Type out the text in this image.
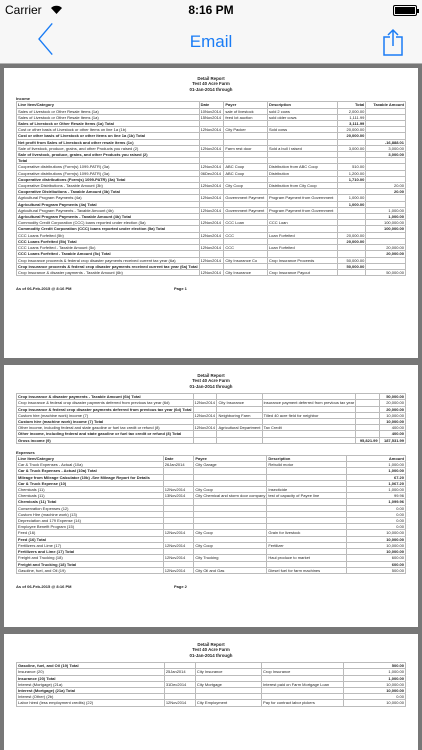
Carrier	8:16 PM
〈	Email
Detail Report
Test 40 Acre Farm
01-Jan-2014 through
Income
Line Item/Category	Date	Payer	Description	Total	Taxable Amount
Sales of Livestock or Other Resale Items (1a)	10Nov2014	sale of livestock	sold 2 cows	2,000.00	
Sales of Livestock or Other Resale Items (1a)	15Nov2014	feed lot auction	sold older cows	1,111.99	
Sales of Livestock or Other Resale Items (1a) Total				3,111.99	
Cost or other basis of Livestock or other Items on line 1a (1b)	12Nov2014	City Packer	Sold cows	20,000.00	
Cost or other basis of Livestock or other items on line 1a (1b) Total				20,000.00	
Net profit from Sales of Livestock and other resale items (1c)					-16,888.01
Sale of livestock, produce, grains, and other Products you raised (2)	12Nov2014	Farm rest door	Sold a bull I raised	3,000.00	3,000.00
Sale of livestock, produce, grains, and other Products you raised (2)					3,000.00
Total					
Cooperative distributions (Form(s) 1099-PATR) (3a)	12Nov2014	ABC Coop	Distribution from ABC Coop	510.00	
Cooperative distributions (Form(s) 1099-PATR) (3a)	06Dec2014	ABC Coop	Distribution	1,200.00	
Cooperative distributions (Form(s) 1099-PATR) (3a) Total				1,710.00	
Cooperative Distributions - Taxable Amount (3b)	12Nov2014	City Coop	Distribution from City Coop		20.00
Cooperative Distributions - Taxable Amount (3b) Total					20.00
Agricultural Program Payments (4a)	12Nov2014	Government Payment	Program Payment from Government	1,000.00	
Agricultural Program Payments (4a) Total				1,000.00	
Agricultural Program Payments - Taxable Amount (4b)	12Nov2014	Government Payment	Program Payment from Government		1,000.00
Agricultural Program Payments - Taxable Amount (4b) Total					1,000.00
Commodity Credit Corporation (CCC) loans reported under election (5a)	12Nov2014	CCC Loan	CCC Loan		100,000.00
Commodity Credit Corporation (CCC) loans reported under election (5a) Total					100,000.00
CCC Loans Forfeited (5b)	12Nov2014	CCC	Loan Forfeited	20,000.00	
CCC Loans Forfeited (5b) Total				20,000.00	
CCC Loans Forfeited - Taxable Amount (5c)	12Nov2014	CCC	Loan Forfeited		20,000.00
CCC Loans Forfeited - Taxable Amount (5c) Total					20,000.00
Crop insurance proceeds & federal crop disaster payments received current tax year (6a)	12Nov2014	City Insurance Co	Crop Insurance Proceeds	50,000.00	
Crop insurance proceeds & federal crop disaster payments received current tax year (6a) Total				50,000.00	
Crop Insurance & disaster payments - Taxable Amount (6b)	12Nov2014	City Insurance	Crop Insurance Payout		50,000.00
As of 06-Feb-2015 @ 8:16 PM	Page 1
Detail Report
Test 40 Acre Farm
01-Jan-2014 through
Crop insurance & disaster payments - Taxable Amount (6b) Total					50,000.00
Crop insurance & federal crop disaster payments deferred from previous tax year (6d)	12Nov2014	City Insurance	insurance payment deferred from previous tax year		20,000.00
Crop insurance & federal crop disaster payments deferred from previous tax year (6d) Total					20,000.00
Custom hire (machine work) income (7)	12Nov2014	Neighboring Farm	Tilled 40 acre field for neighbor		10,000.00
Custom hire (machine work) income (7) Total					10,000.00
Other income, including federal and state gasoline or fuel tax credit or refund (8)	12Nov2014	Agricultural Department	Tax Credit		400.00
Other income, including federal and state gasoline or fuel tax credit or refund (8) Total					400.00
Gross income (9)				95,821.99	187,531.99
Expenses
Line Item/Category	Date	Payee	Description	Amount
Car & Truck Expenses - Actual (10a)	26Jan2014	City Garage	Rebuild motor	1,000.00
Car & Truck Expenses - Actual (10a) Total				1,000.00
Mileage from Mileage Calculator (10b) -See Mileage Report for Details				67.20
Car & Truck Expense (10)				1,067.20
Chemicals (11)	12Nov2014	City Coop	Insecticide	1,000.00
Chemicals (11)	13Nov2014	City Chemical and storm door company	test of capacity of Payee line	99.96
Chemicals (11) Total				1,099.96
Conservation Expenses (12)				0.00
Custom Hire (machine work) (13)				0.00
Depreciation and 179 Expense (14)				0.00
Employee Benefit Program (15)				0.00
Feed (16)	12Nov2014	City Coop	Grain for livestock	10,000.00
Feed (16) Total				10,000.00
Fertilizers and Lime (17)	12Nov2014	City Coop	Fertilizer	10,000.00
Fertilizers and Lime (17) Total				10,000.00
Freight and Trucking (18)	12Nov2014	City Trucking	Haul produce to market	600.00
Freight and Trucking (18) Total				600.00
Gasoline, fuel, and Oil (19)	12Nov2014	City Oil and Gas	Diesel fuel for farm machines	500.00
As of 06-Feb-2015 @ 8:16 PM	Page 2
Detail Report
Test 40 Acre Farm
01-Jan-2014 through
Gasoline, fuel, and Oil (19) Total				500.00
Insurance (20)	25Jan2014	City Insurance	Crop Insurance	1,000.00
Insurance (20) Total				1,000.00
Interest (Mortgage) (21a)	31Dec2014	City Mortgage	Interest paid on Farm Mortgage Loan	10,000.00
Interest (Mortgage) (21a) Total				10,000.00
Interest (Other) (2b)				0.00
Labor hired (less employment credits) (22)	12Nov2014	City Employment	Pay for contract labor pickers	10,000.00
